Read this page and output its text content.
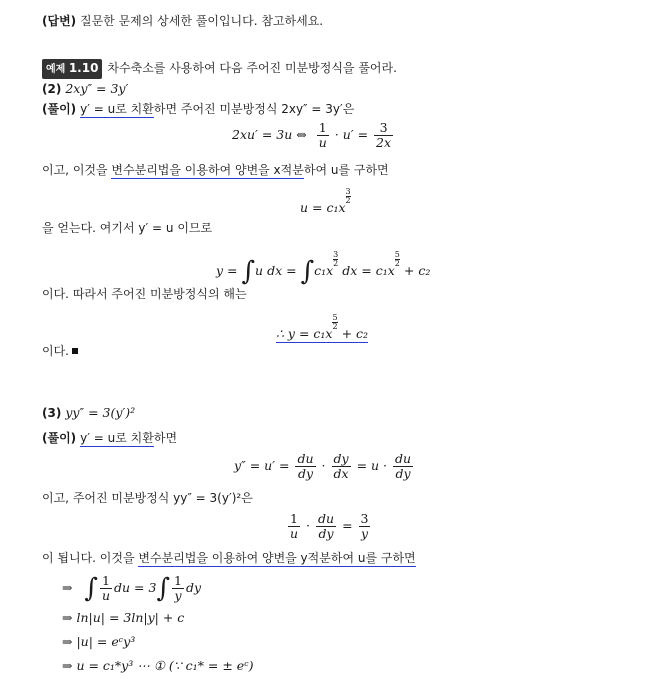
(답변) 질문한 문제의 상세한 풀이입니다. 참고하세요.
예제 1.10 차수축소를 사용하여 다음 주어진 미분방정식을 풀어라.
(2) 2xy″ = 3y′
(풀이) y′ = u로 치환하면 주어진 미분방정식 2xy″ = 3y′은
2xu′ = 3u ⇔ $\frac{1}{u} \cdot u' = \frac{3}{2x}$
이고, 이것을 변수분리법을 이용하여 양변을 x적분하여 u를 구하면
u = c₁x
$^{\frac{3}{2}}$
을 얻는다. 여기서 y′ = u 이므로
y = ∫u dx = ∫c₁x
$^{\frac{3}{2}}$
dx = c₁x
$^{\frac{5}{2}}$
+ c₂
이다. 따라서 주어진 미분방정식의 해는
∴ y = c₁x
$^{\frac{5}{2}}$
+ c₂
이다.
(3) yy″ = 3(y′)²
(풀이) y′ = u로 치환하면
$y'' = u' = \frac{du}{dy} \cdot \frac{dy}{dx} = u \cdot \frac{du}{dy}$
이고, 주어진 미분방정식 yy″ = 3(y′)²은
$\frac{1}{u} \cdot \frac{du}{dy} = \frac{3}{y}$
이 됩니다. 이것을 변수분리법을 이용하여 양변을 y적분하여 u를 구하면
⇒ ∫ $\frac{1}{u}$ du = $3\int \frac{1}{y}$ dy
⇒ ln|u| = 3ln|y| + c
⇒ |u| = eᶜy³
⇒ u = c₁*y³ ⋯ ① (∵ c₁* = ± eᶜ)
